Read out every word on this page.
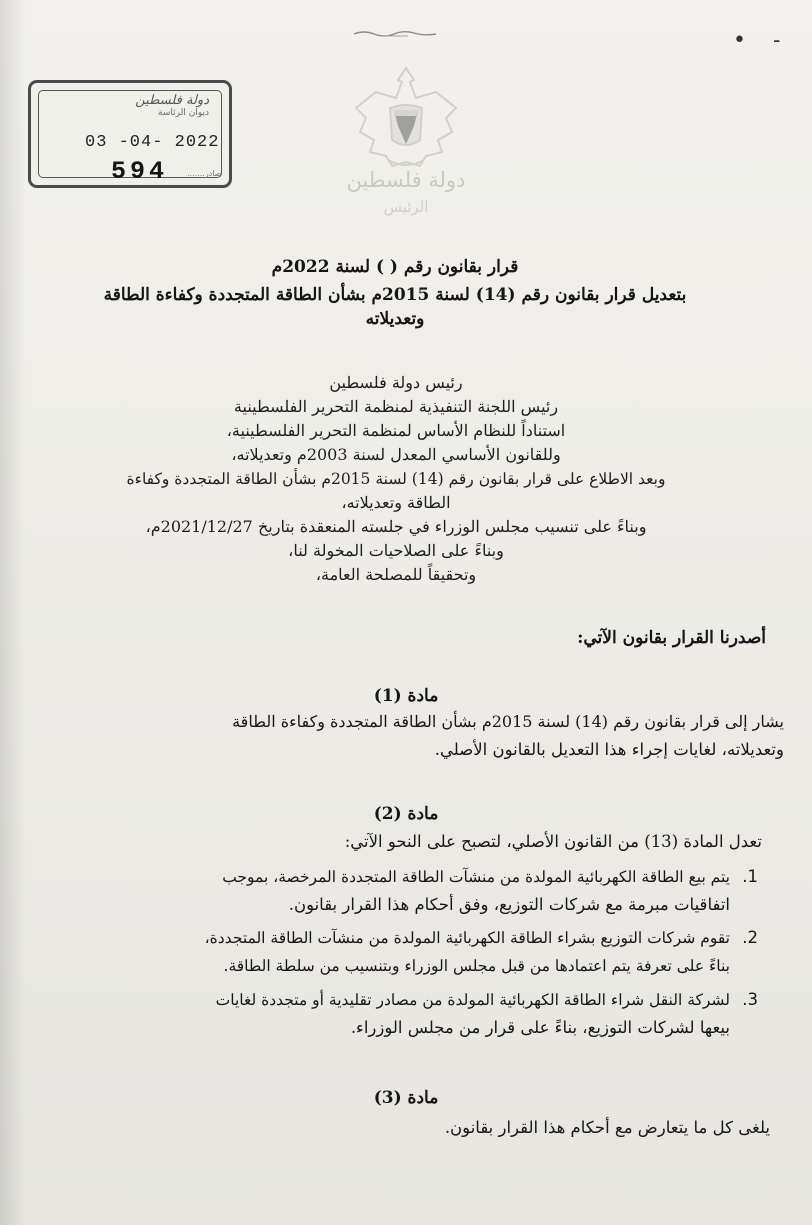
• -
دولة فلسطين
ديوان الرئاسة
03 -04- 2022
594	صادر.......	دولة فلسطين
الرئيس
قرار بقانون رقم ( ) لسنة 2022م
بتعديل قرار بقانون رقم (14) لسنة 2015م بشأن الطاقة المتجددة وكفاءة الطاقة
وتعديلاته
رئيس دولة فلسطين
رئيس اللجنة التنفيذية لمنظمة التحرير الفلسطينية
استناداً للنظام الأساس لمنظمة التحرير الفلسطينية،
وللقانون الأساسي المعدل لسنة 2003م وتعديلاته،
وبعد الاطلاع على قرار بقانون رقم (14) لسنة 2015م بشأن الطاقة المتجددة وكفاءة
الطاقة وتعديلاته،
وبناءً على تنسيب مجلس الوزراء في جلسته المنعقدة بتاريخ 2021/12/27م،
وبناءً على الصلاحيات المخولة لنا،
وتحقيقاً للمصلحة العامة،
أصدرنا القرار بقانون الآتي:
مادة (1)
يشار إلى قرار بقانون رقم (14) لسنة 2015م بشأن الطاقة المتجددة وكفاءة الطاقة
وتعديلاته، لغايات إجراء هذا التعديل بالقانون الأصلي.
مادة (2)
تعدل المادة (13) من القانون الأصلي، لتصبح على النحو الآتي:
1.
يتم بيع الطاقة الكهربائية المولدة من منشآت الطاقة المتجددة المرخصة، بموجب
اتفاقيات مبرمة مع شركات التوزيع، وفق أحكام هذا القرار بقانون.
2.
تقوم شركات التوزيع بشراء الطاقة الكهربائية المولدة من منشآت الطاقة المتجددة،
بناءً على تعرفة يتم اعتمادها من قبل مجلس الوزراء وبتنسيب من سلطة الطاقة.
3.
لشركة النقل شراء الطاقة الكهربائية المولدة من مصادر تقليدية أو متجددة لغايات
بيعها لشركات التوزيع، بناءً على قرار من مجلس الوزراء.
مادة (3)
يلغى كل ما يتعارض مع أحكام هذا القرار بقانون.
